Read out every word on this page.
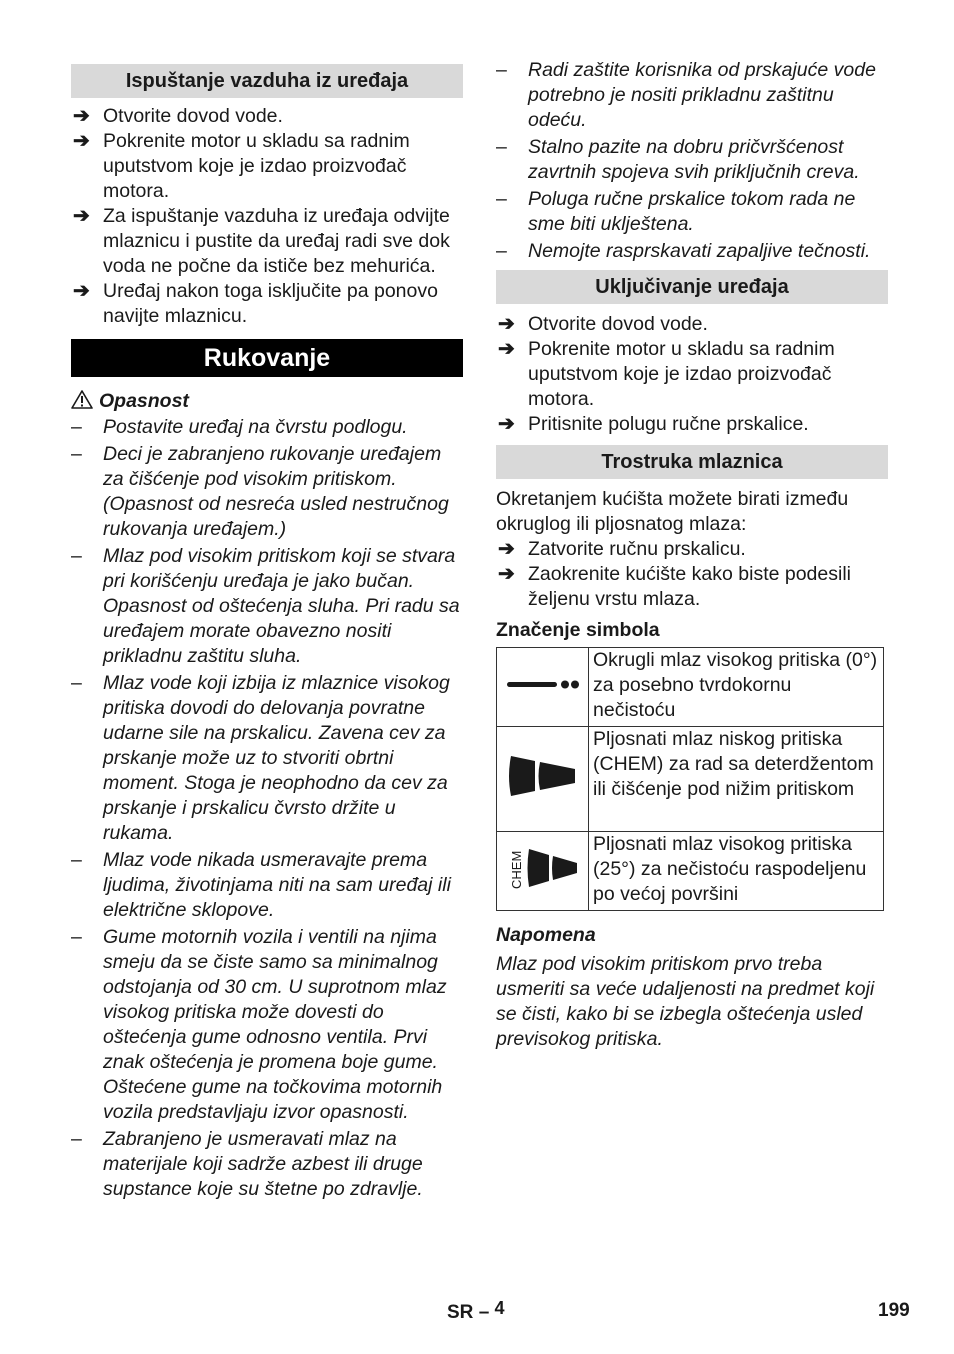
Ispuštanje vazduha iz uređaja
➔ Otvorite dovod vode.
➔ Pokrenite motor u skladu sa radnim uputstvom koje je izdao proizvođač motora.
➔ Za ispuštanje vazduha iz uređaja odvijte mlaznicu i pustite da uređaj radi sve dok voda ne počne da ističe bez mehurića.
➔ Uređaj nakon toga isključite pa ponovo navijte mlaznicu.
Rukovanje
Opasnost
– Postavite uređaj na čvrstu podlogu.
– Deci je zabranjeno rukovanje uređajem za čišćenje pod visokim pritiskom. (Opasnost od nesreća usled nestručnog rukovanja uređajem.)
– Mlaz pod visokim pritiskom koji se stvara pri korišćenju uređaja je jako bučan. Opasnost od oštećenja sluha. Pri radu sa uređajem morate obavezno nositi prikladnu zaštitu sluha.
– Mlaz vode koji izbija iz mlaznice visokog pritiska dovodi do delovanja povratne udarne sile na prskalicu. Zavena cev za prskanje može uz to stvoriti obrtni moment. Stoga je neophodno da cev za prskanje i prskalicu čvrsto držite u rukama.
– Mlaz vode nikada usmeravajte prema ljudima, životinjama niti na sam uređaj ili električne sklopove.
– Gume motornih vozila i ventili na njima smeju da se čiste samo sa minimalnog odstojanja od 30 cm. U suprotnom mlaz visokog pritiska može dovesti do oštećenja gume odnosno ventila. Prvi znak oštećenja je promena boje gume. Oštećene gume na točkovima motornih vozila predstavljaju izvor opasnosti.
– Zabranjeno je usmeravati mlaz na materijale koji sadrže azbest ili druge supstance koje su štetne po zdravlje.
– Radi zaštite korisnika od prskajuće vode potrebno je nositi prikladnu zaštitnu odeću.
– Stalno pazite na dobru pričvršćenost zavrtnih spojeva svih priključnih creva.
– Poluga ručne prskalice tokom rada ne sme biti uklještena.
– Nemojte rasprskavati zapaljive tečnosti.
Uključivanje uređaja
➔ Otvorite dovod vode.
➔ Pokrenite motor u skladu sa radnim uputstvom koje je izdao proizvođač motora.
➔ Pritisnite polugu ručne prskalice.
Trostruka mlaznica

Okretanjem kućišta možete birati između okruglog ili pljosnatog mlaza:

➔ Zatvorite ručnu prskalicu.
➔ Zaokrenite kućište kako biste podesili željenu vrstu mlaza.
Značenje simbola
	Okrugli mlaz visokog pritiska (0°) za posebno tvrdokornu nečistoću
	Pljosnati mlaz niskog pritiska (CHEM) za rad sa deterdžentom ili čišćenje pod nižim pritiskom

CHEM	Pljosnati mlaz visokog pritiska (25°) za nečistoću raspodeljenu po većoj površini
Napomena

Mlaz pod visokim pritiskom prvo treba usmeriti sa veće udaljenosti na predmet koji se čisti, kako bi se izbegla oštećenja usled previsokog pritiska.

SR – 4	199
